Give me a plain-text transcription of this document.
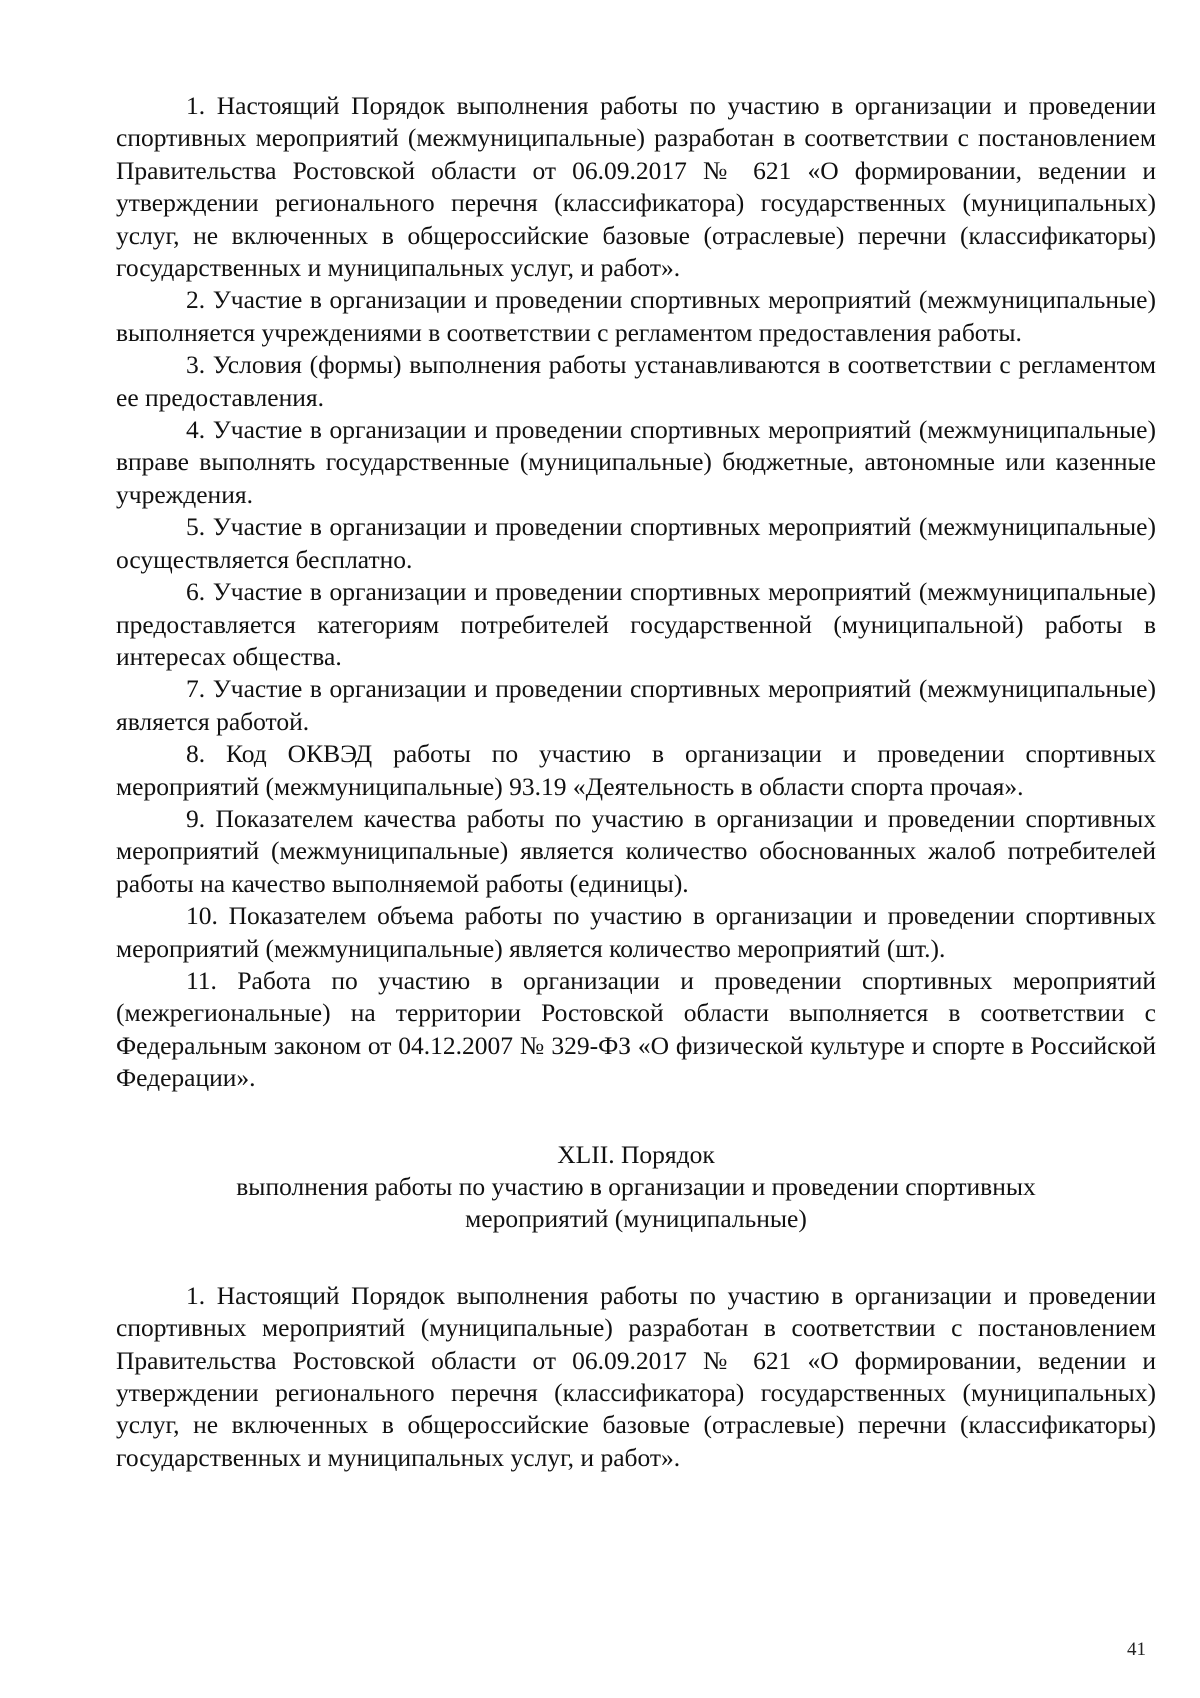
1. Настоящий Порядок выполнения работы по участию в организации и проведении спортивных мероприятий (межмуниципальные) разработан в соответствии с постановлением Правительства Ростовской области от 06.09.2017 № 621 «О формировании, ведении и утверждении регионального перечня (классификатора) государственных (муниципальных) услуг, не включенных в общероссийские базовые (отраслевые) перечни (классификаторы) государственных и муниципальных услуг, и работ».

2. Участие в организации и проведении спортивных мероприятий (межмуниципальные) выполняется учреждениями в соответствии с регламентом предоставления работы.

3. Условия (формы) выполнения работы устанавливаются в соответствии с регламентом ее предоставления.

4. Участие в организации и проведении спортивных мероприятий (межмуниципальные) вправе выполнять государственные (муниципальные) бюджетные, автономные или казенные учреждения.

5. Участие в организации и проведении спортивных мероприятий (межмуниципальные) осуществляется бесплатно.

6. Участие в организации и проведении спортивных мероприятий (межмуниципальные) предоставляется категориям потребителей государственной (муниципальной) работы в интересах общества.

7. Участие в организации и проведении спортивных мероприятий (межмуниципальные) является работой.

8. Код ОКВЭД работы по участию в организации и проведении спортивных мероприятий (межмуниципальные) 93.19 «Деятельность в области спорта прочая».

9. Показателем качества работы по участию в организации и проведении спортивных мероприятий (межмуниципальные) является количество обоснованных жалоб потребителей работы на качество выполняемой работы (единицы).

10. Показателем объема работы по участию в организации и проведении спортивных мероприятий (межмуниципальные) является количество мероприятий (шт.).

11. Работа по участию в организации и проведении спортивных мероприятий (межрегиональные) на территории Ростовской области выполняется в соответствии с Федеральным законом от 04.12.2007 № 329-ФЗ «О физической культуре и спорте в Российской Федерации».

XLII. Порядок

выполнения работы по участию в организации и проведении спортивных

мероприятий (муниципальные)

1. Настоящий Порядок выполнения работы по участию в организации и проведении спортивных мероприятий (муниципальные) разработан в соответствии с постановлением Правительства Ростовской области от 06.09.2017 № 621 «О формировании, ведении и утверждении регионального перечня (классификатора) государственных (муниципальных) услуг, не включенных в общероссийские базовые (отраслевые) перечни (классификаторы) государственных и муниципальных услуг, и работ».

41
